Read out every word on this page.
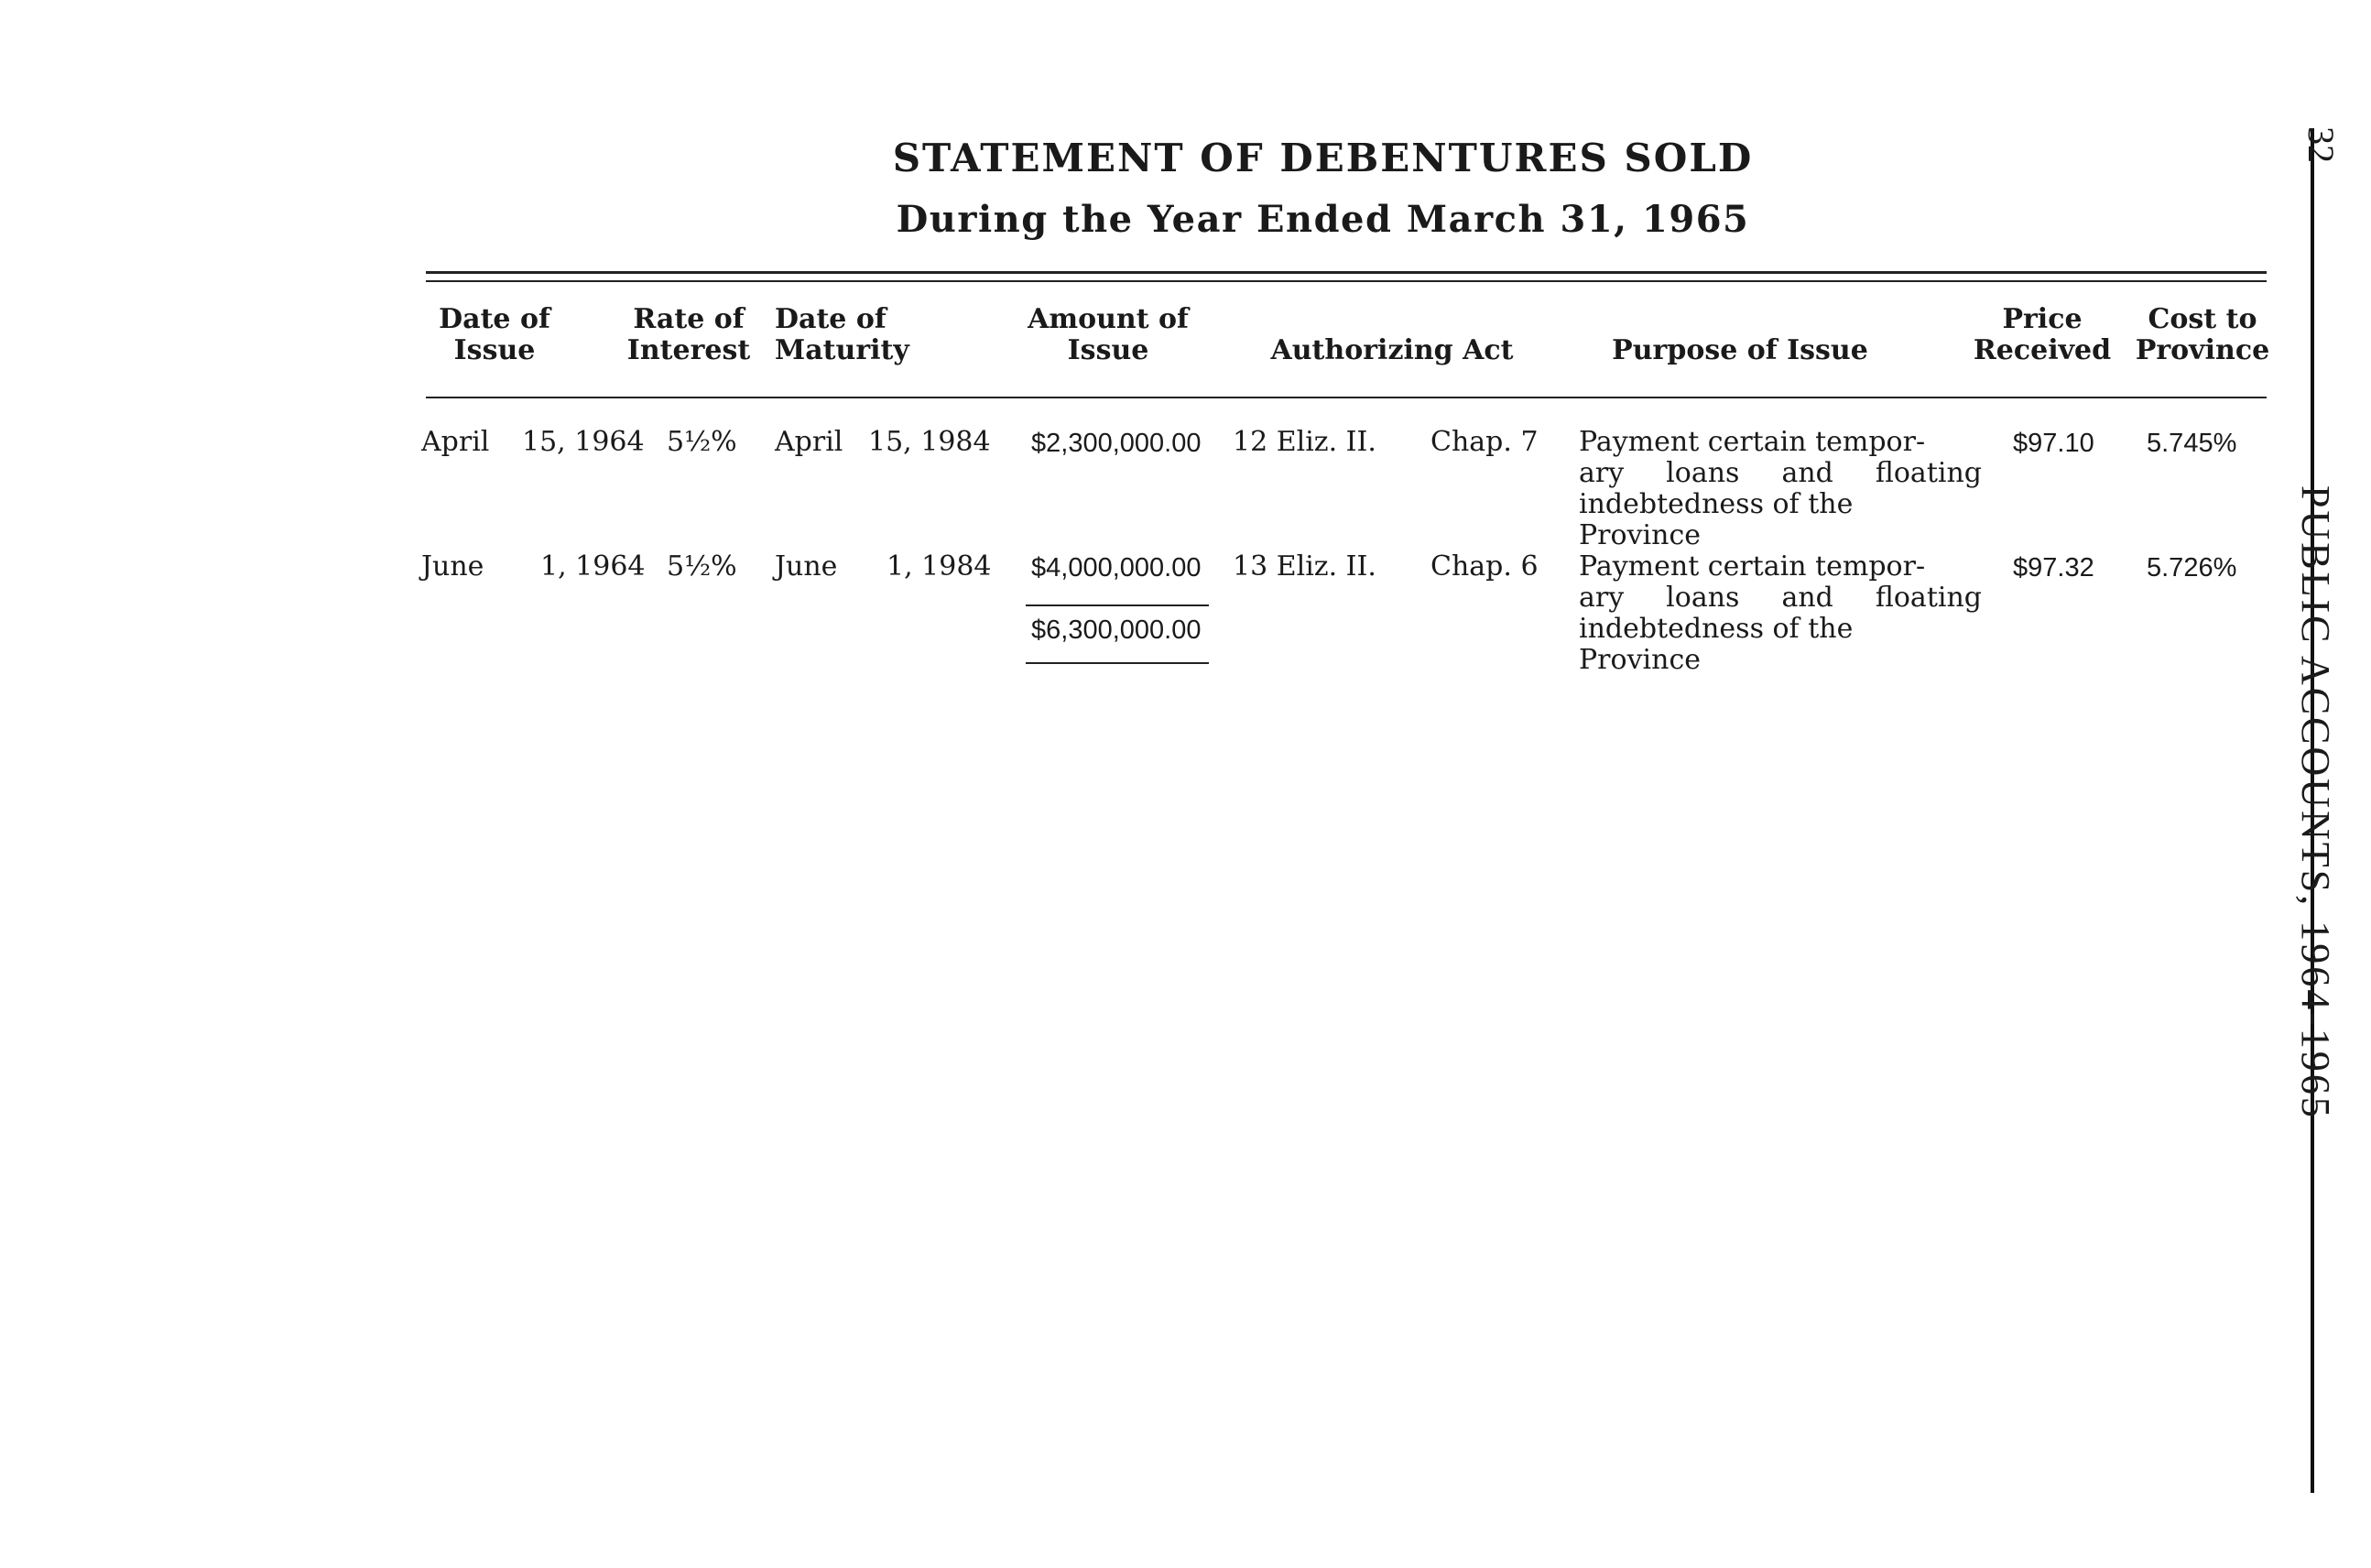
STATEMENT OF DEBENTURES SOLD
During the Year Ended March 31, 1965
Date of
Issue
Rate of
Interest
Date of
Maturity
Amount of
Issue	Authorizing Act	Purpose of Issue
Price
Received
Cost to
Province
April 15, 1964 5½% April 15, 1984 $2,300,000.00 12 Eliz. II. Chap. 7 Payment certain tempor-
ary loans and floating
indebtedness of the
Province
$97.10 5.745%
June 1, 1964 5½% June 1, 1984 $4,000,000.00 13 Eliz. II. Chap. 6 Payment certain tempor-
ary loans and floating
indebtedness of the
Province
$97.32 5.726%
$6,300,000.00
32
PUBLIC ACCOUNTS, 1964-1965
